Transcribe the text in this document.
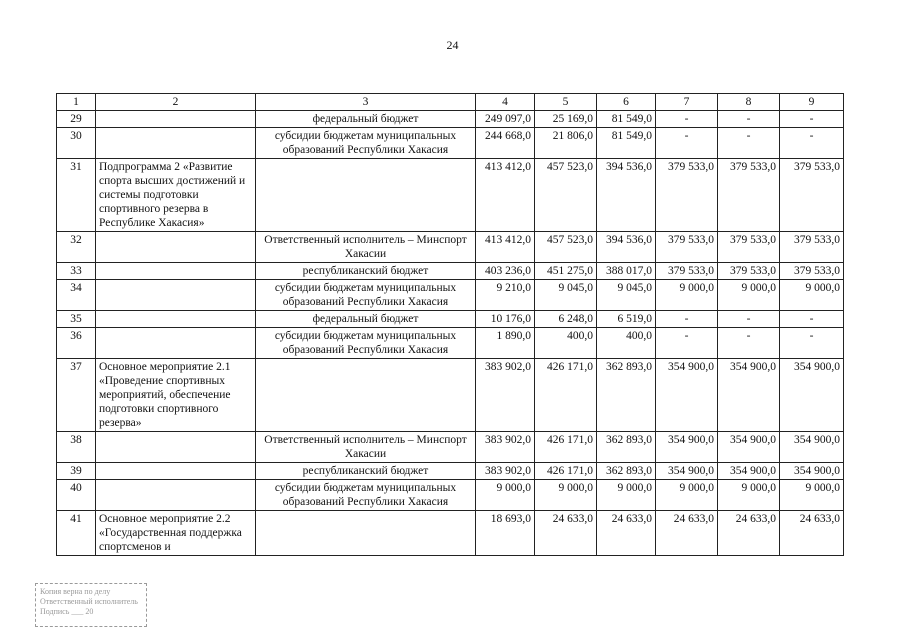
24
1	2	3	4	5	6	7	8	9
29		федеральный бюджет	249 097,0	25 169,0	81 549,0	-	-	-
30		субсидии бюджетам муниципальных образований Республики Хакасия	244 668,0	21 806,0	81 549,0	-	-	-
31	Подпрограмма 2 «Развитие спорта высших достижений и системы подготовки спортивного резерва в Республике Хакасия»		413 412,0	457 523,0	394 536,0	379 533,0	379 533,0	379 533,0
32		Ответственный исполнитель – Минспорт Хакасии	413 412,0	457 523,0	394 536,0	379 533,0	379 533,0	379 533,0
33		республиканский бюджет	403 236,0	451 275,0	388 017,0	379 533,0	379 533,0	379 533,0
34		субсидии бюджетам муниципальных образований Республики Хакасия	9 210,0	9 045,0	9 045,0	9 000,0	9 000,0	9 000,0
35		федеральный бюджет	10 176,0	6 248,0	6 519,0	-	-	-
36		субсидии бюджетам муниципальных образований Республики Хакасия	1 890,0	400,0	400,0	-	-	-
37	Основное мероприятие 2.1 «Проведение спортивных мероприятий, обеспечение подготовки спортивного резерва»		383 902,0	426 171,0	362 893,0	354 900,0	354 900,0	354 900,0
38		Ответственный исполнитель – Минспорт Хакасии	383 902,0	426 171,0	362 893,0	354 900,0	354 900,0	354 900,0
39		республиканский бюджет	383 902,0	426 171,0	362 893,0	354 900,0	354 900,0	354 900,0
40		субсидии бюджетам муниципальных образований Республики Хакасия	9 000,0	9 000,0	9 000,0	9 000,0	9 000,0	9 000,0
41	Основное мероприятие 2.2 «Государственная поддержка спортсменов и		18 693,0	24 633,0	24 633,0	24 633,0	24 633,0	24 633,0
Копия верна по делу
Ответственный исполнитель
Подпись ___ 20
